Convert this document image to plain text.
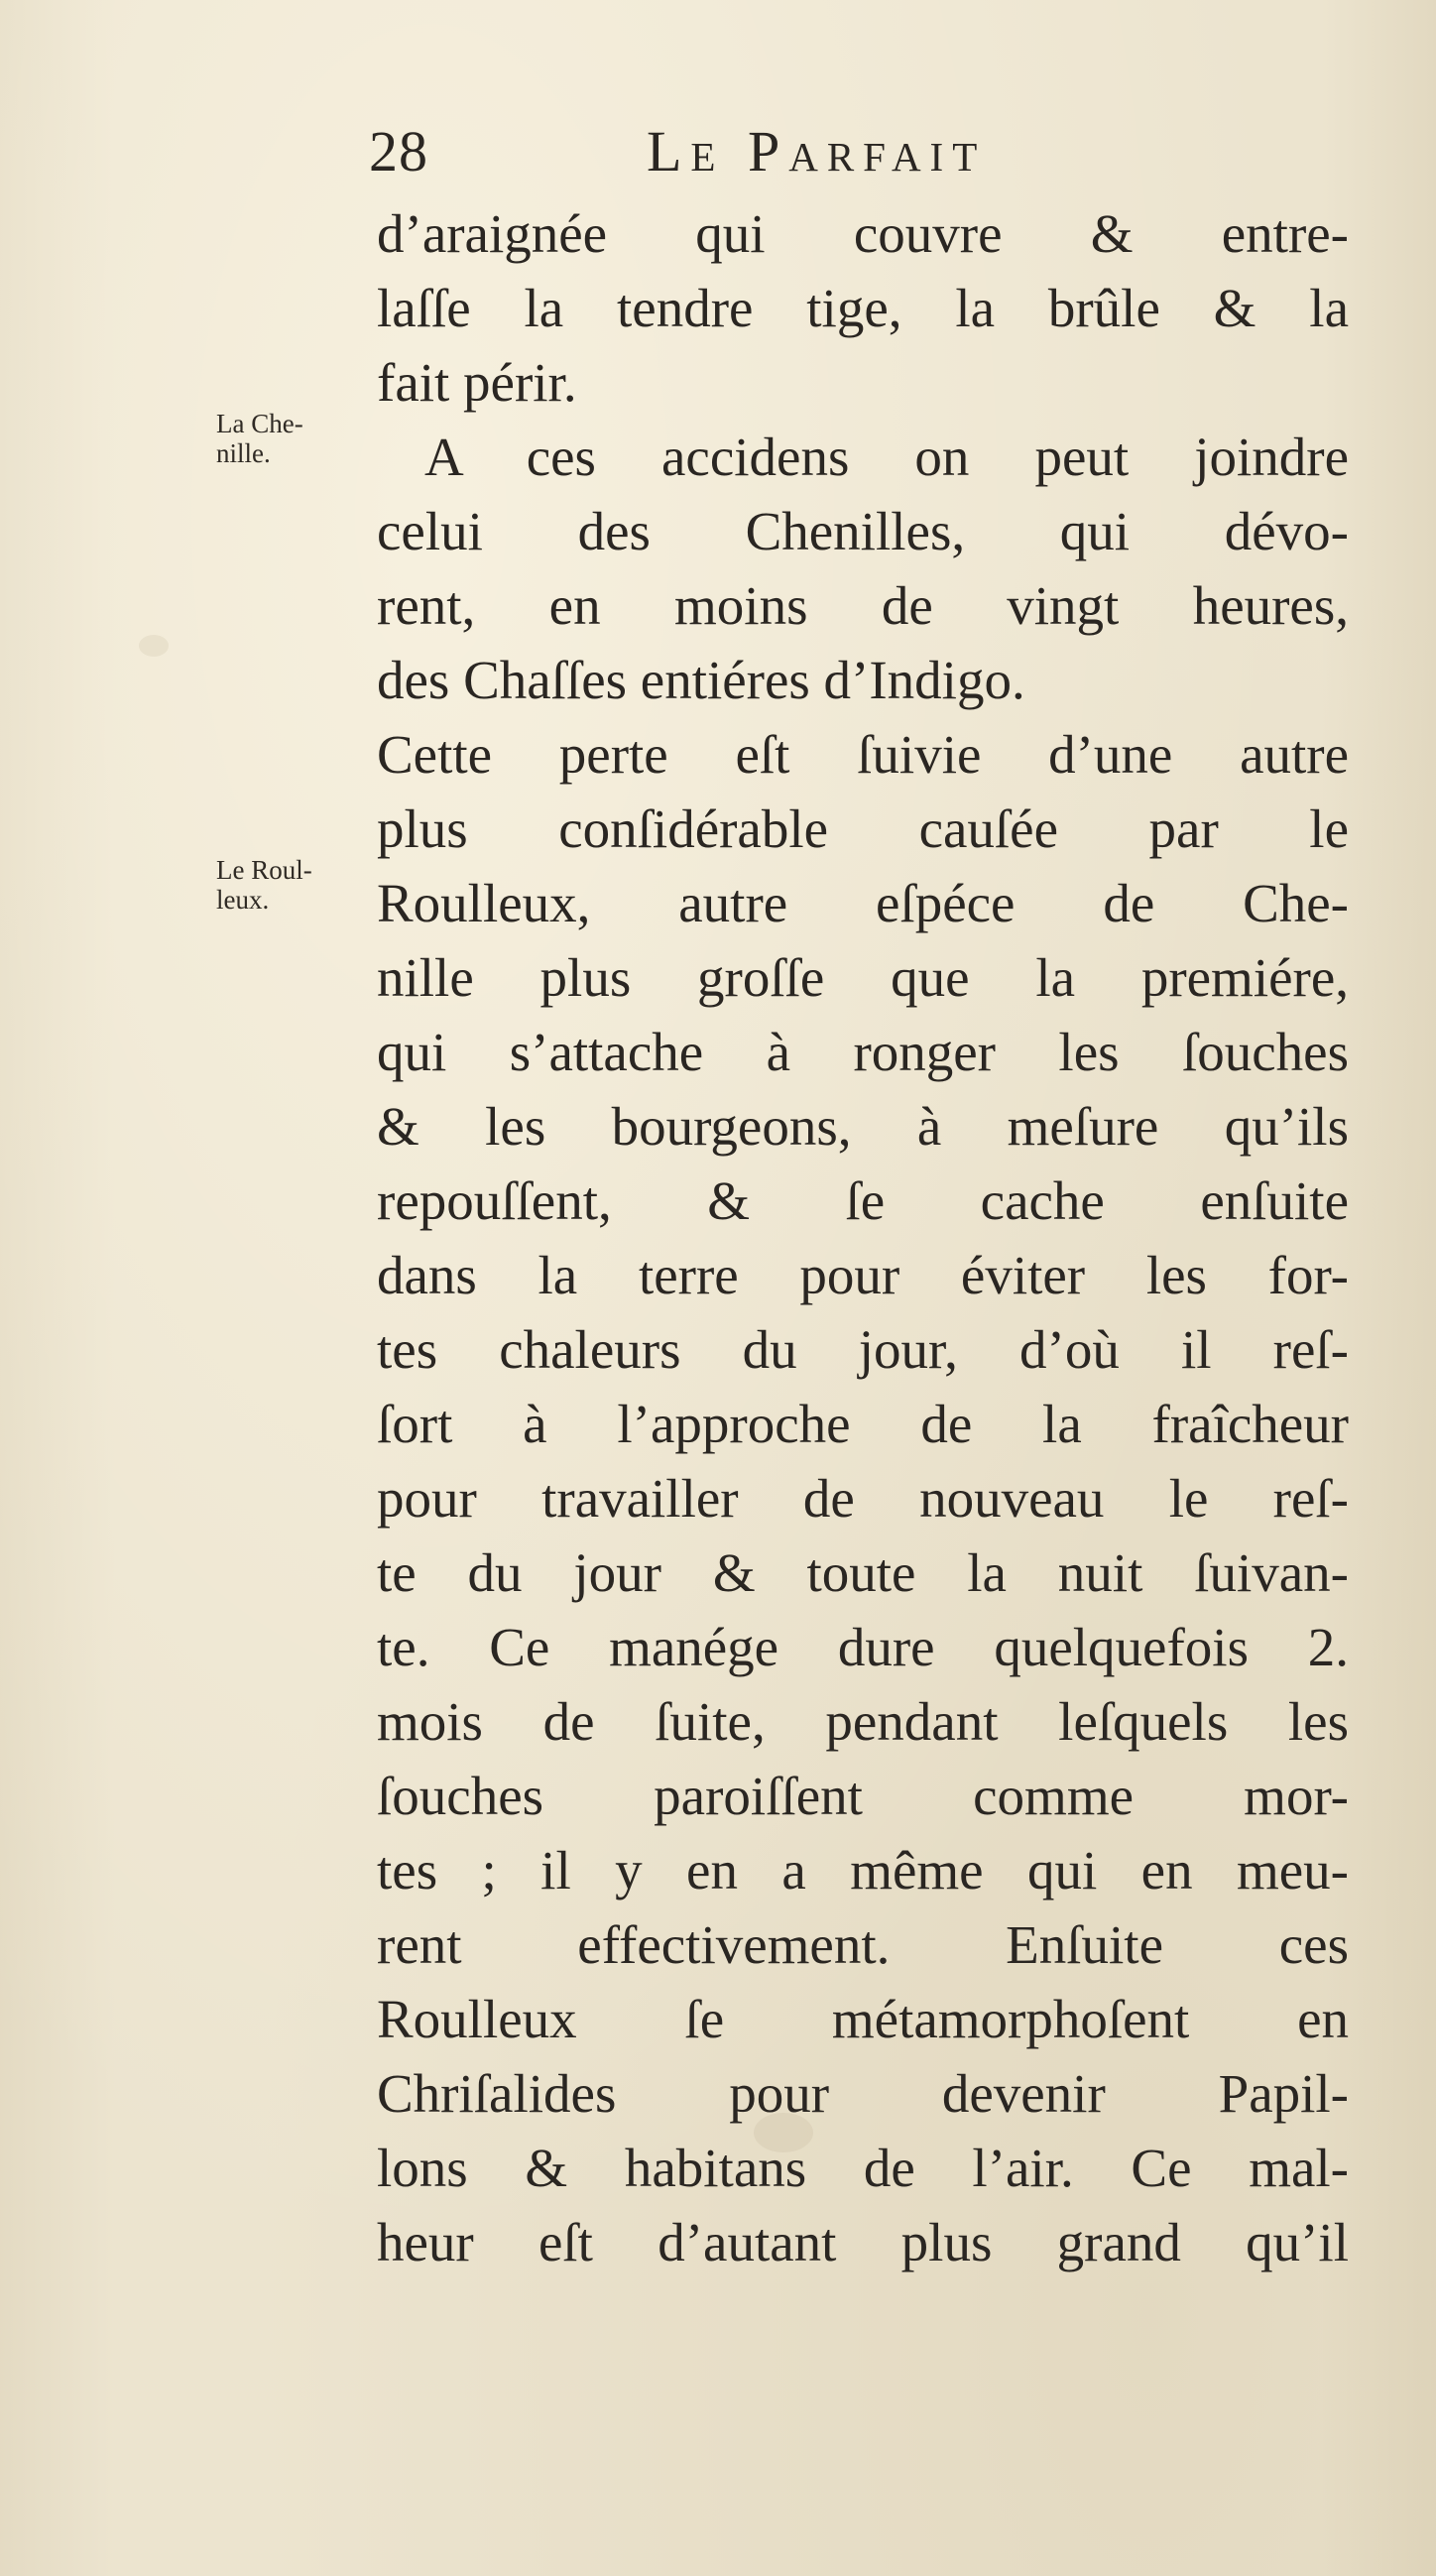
28	Le Parfait
La Che-
nille.
Le Roul-
leux.
d’araignée qui couvre & entre-
laſſe la tendre tige, la brûle & la
fait périr.
A ces accidens on peut joindre
celui des Chenilles, qui dévo-
rent, en moins de vingt heures,
des Chaſſes entiéres d’Indigo.
Cette perte eſt ſuivie d’une autre
plus conſidérable cauſée par le
Roulleux, autre eſpéce de Che-
nille plus groſſe que la premiére,
qui s’attache à ronger les ſouches
& les bourgeons, à meſure qu’ils
repouſſent, & ſe cache enſuite
dans la terre pour éviter les for-
tes chaleurs du jour, d’où il reſ-
ſort à l’approche de la fraîcheur
pour travailler de nouveau le reſ-
te du jour & toute la nuit ſuivan-
te. Ce manége dure quelquefois 2.
mois de ſuite, pendant leſquels les
ſouches paroiſſent comme mor-
tes ; il y en a même qui en meu-
rent effectivement. Enſuite ces
Roulleux ſe métamorphoſent en
Chriſalides pour devenir Papil-
lons & habitans de l’air. Ce mal-
heur eſt d’autant plus grand qu’il
